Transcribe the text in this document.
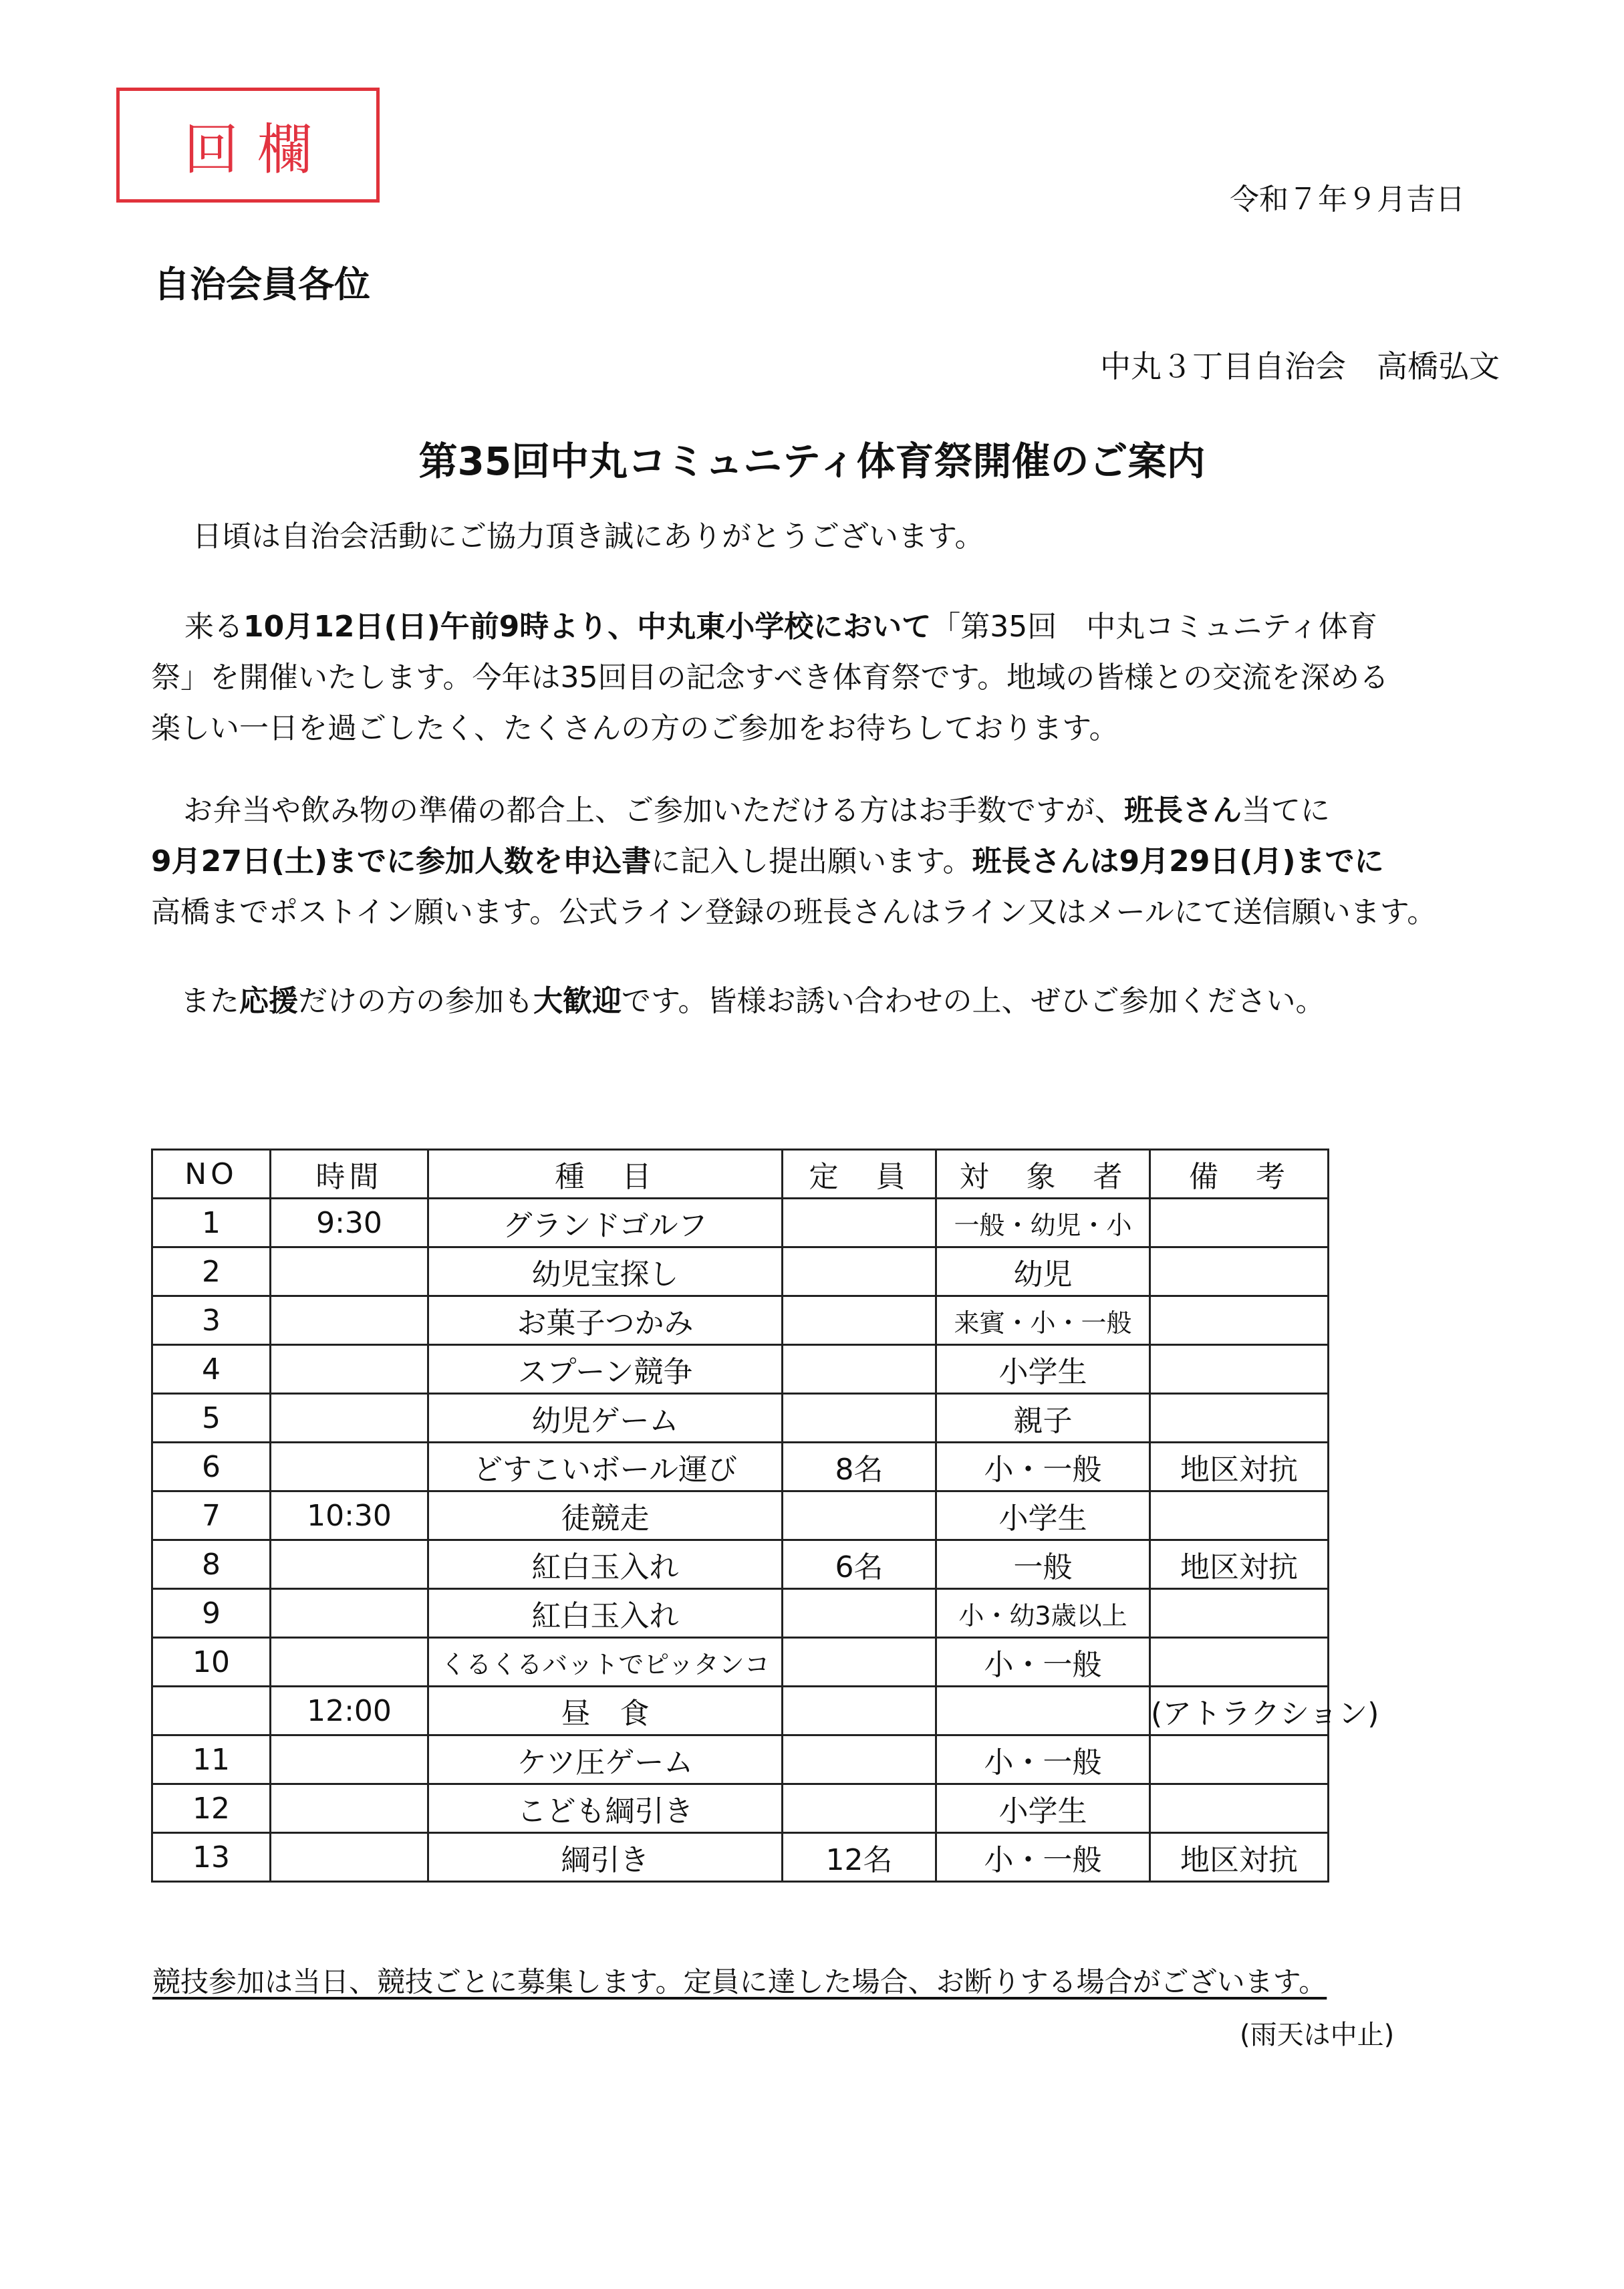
回欄
令和７年９月吉日
自治会員各位
中丸３丁目自治会　高橋弘文
第35回中丸コミュニティ体育祭開催のご案内
日頃は自治会活動にご協力頂き誠にありがとうございます。
来る10月12日(日)午前9時より、中丸東小学校において「第35回　中丸コミュニティ体育
祭」を開催いたします。今年は35回目の記念すべき体育祭です。地域の皆様との交流を深める
楽しい一日を過ごしたく、たくさんの方のご参加をお待ちしております。
お弁当や飲み物の準備の都合上、ご参加いただける方はお手数ですが、班長さん当てに
9月27日(土)までに参加人数を申込書に記入し提出願います。班長さんは9月29日(月)までに
高橋までポストイン願います。公式ライン登録の班長さんはライン又はメールにて送信願います。
また応援だけの方の参加も大歓迎です。皆様お誘い合わせの上、ぜひご参加ください。
NO	時間	種　目	定　員	対　象　者	備　考
1	9:30	グランドゴルフ		一般・幼児・小	
2		幼児宝探し		幼児	
3		お菓子つかみ		来賓・小・一般	
4		スプーン競争		小学生	
5		幼児ゲーム		親子	
6		どすこいボール運び	8名	小・一般	地区対抗
7	10:30	徒競走		小学生	
8		紅白玉入れ	6名	一般	地区対抗
9		紅白玉入れ		小・幼3歳以上	
10		くるくるバットでピッタンコ		小・一般	
	12:00	昼　食			(アトラクション)
11		ケツ圧ゲーム		小・一般	
12		こども綱引き		小学生	
13		綱引き	12名	小・一般	地区対抗
競技参加は当日、競技ごとに募集します。定員に達した場合、お断りする場合がございます。
(雨天は中止)
